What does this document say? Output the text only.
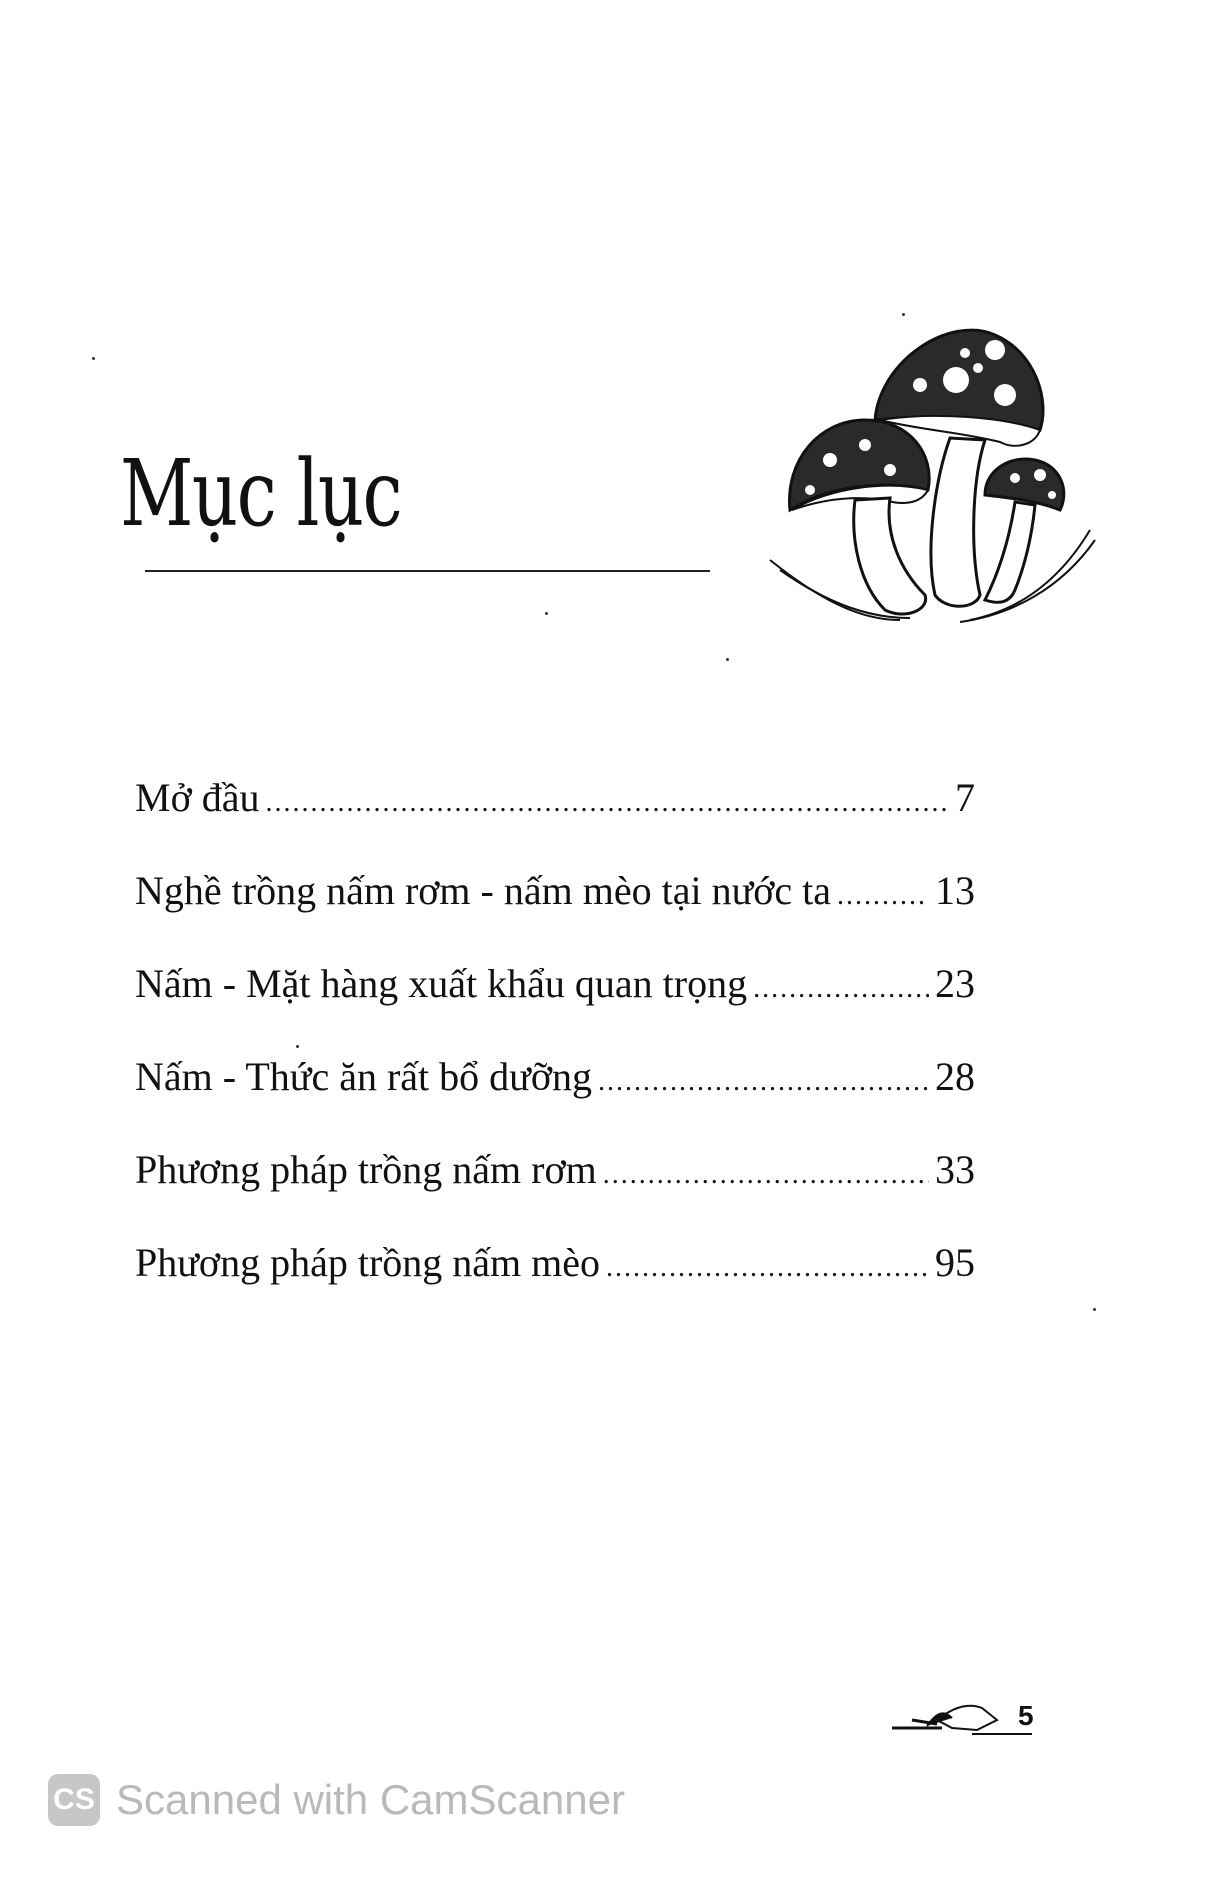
Mục lục
Mở đầu .....	7
Nghề trồng nấm rơm - nấm mèo tại nước ta .....	13
Nấm - Mặt hàng xuất khẩu quan trọng .....	23
Nấm - Thức ăn rất bổ dưỡng .....	28
Phương pháp trồng nấm rơm .....	33
Phương pháp trồng nấm mèo .....	95
5
CS Scanned with CamScanner
